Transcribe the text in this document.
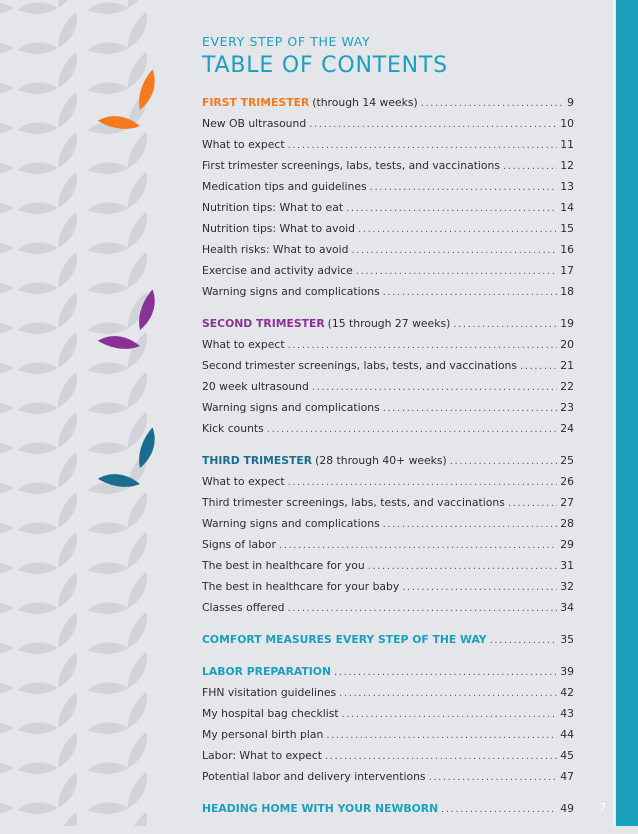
EVERY STEP OF THE WAY

TABLE OF CONTENTS
FIRST TRIMESTER (through 14 weeks) .....	9
New OB ultrasound .....	10
What to expect .....	11
First trimester screenings, labs, tests, and vaccinations .....	12
Medication tips and guidelines .....	13
Nutrition tips: What to eat .....	14
Nutrition tips: What to avoid .....	15
Health risks: What to avoid .....	16
Exercise and activity advice .....	17
Warning signs and complications .....	18
SECOND TRIMESTER (15 through 27 weeks) .....	19
What to expect .....	20
Second trimester screenings, labs, tests, and vaccinations .....	21
20 week ultrasound .....	22
Warning signs and complications .....	23
Kick counts .....	24
THIRD TRIMESTER (28 through 40+ weeks) .....	25
What to expect .....	26
Third trimester screenings, labs, tests, and vaccinations .....	27
Warning signs and complications .....	28
Signs of labor .....	29
The best in healthcare for you .....	31
The best in healthcare for your baby .....	32
Classes offered .....	34
COMFORT MEASURES EVERY STEP OF THE WAY .....	35
LABOR PREPARATION .....	39
FHN visitation guidelines .....	42
My hospital bag checklist .....	43
My personal birth plan .....	44
Labor: What to expect .....	45
Potential labor and delivery interventions .....	47
HEADING HOME WITH YOUR NEWBORN .....	49 7
